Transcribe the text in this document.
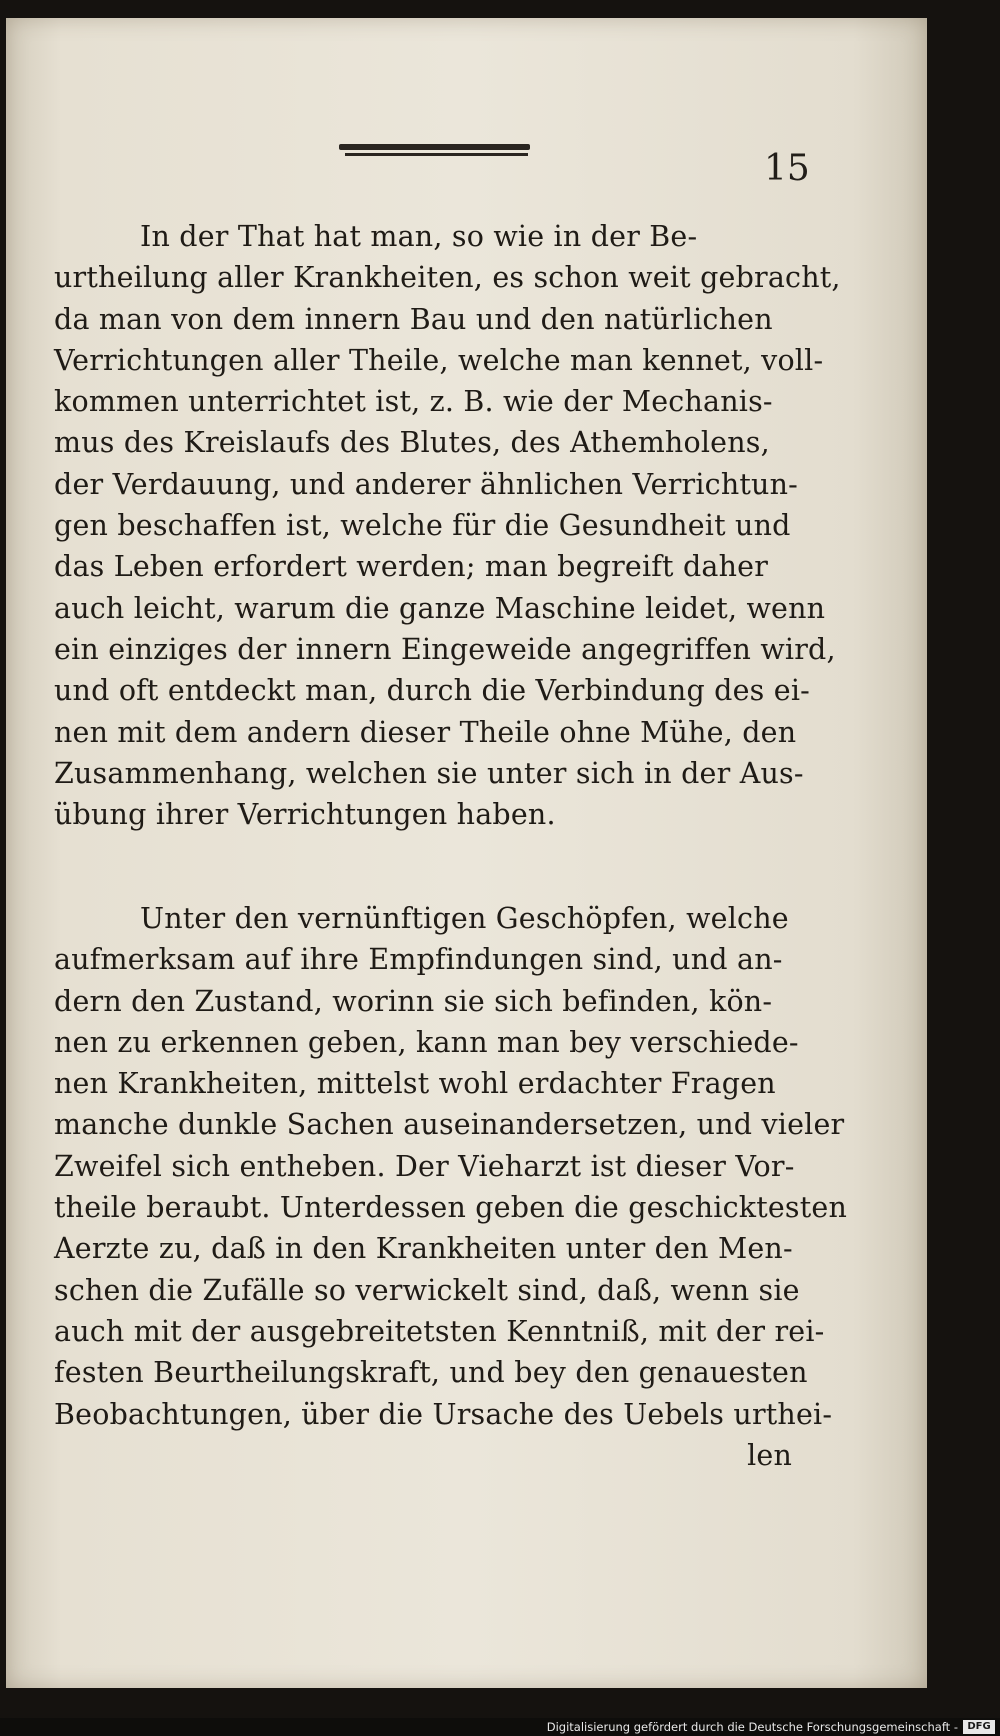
15

In der That hat man, so wie in der Be-
urtheilung aller Krankheiten, es schon weit gebracht,
da man von dem innern Bau und den natürlichen
Verrichtungen aller Theile, welche man kennet, voll-
kommen unterrichtet ist, z. B. wie der Mechanis-
mus des Kreislaufs des Blutes, des Athemholens,
der Verdauung, und anderer ähnlichen Verrichtun-
gen beschaffen ist, welche für die Gesundheit und
das Leben erfordert werden; man begreift daher
auch leicht, warum die ganze Maschine leidet, wenn
ein einziges der innern Eingeweide angegriffen wird,
und oft entdeckt man, durch die Verbindung des ei-
nen mit dem andern dieser Theile ohne Mühe, den
Zusammenhang, welchen sie unter sich in der Aus-
übung ihrer Verrichtungen haben.

Unter den vernünftigen Geschöpfen, welche
aufmerksam auf ihre Empfindungen sind, und an-
dern den Zustand, worinn sie sich befinden, kön-
nen zu erkennen geben, kann man bey verschiede-
nen Krankheiten, mittelst wohl erdachter Fragen
manche dunkle Sachen auseinandersetzen, und vieler
Zweifel sich entheben. Der Vieharzt ist dieser Vor-
theile beraubt. Unterdessen geben die geschicktesten
Aerzte zu, daß in den Krankheiten unter den Men-
schen die Zufälle so verwickelt sind, daß, wenn sie
auch mit der ausgebreitetsten Kenntniß, mit der rei-
festen Beurtheilungskraft, und bey den genauesten
Beobachtungen, über die Ursache des Uebels urthei-
len

Digitalisierung gefördert durch die Deutsche Forschungsgemeinschaft - DFG
